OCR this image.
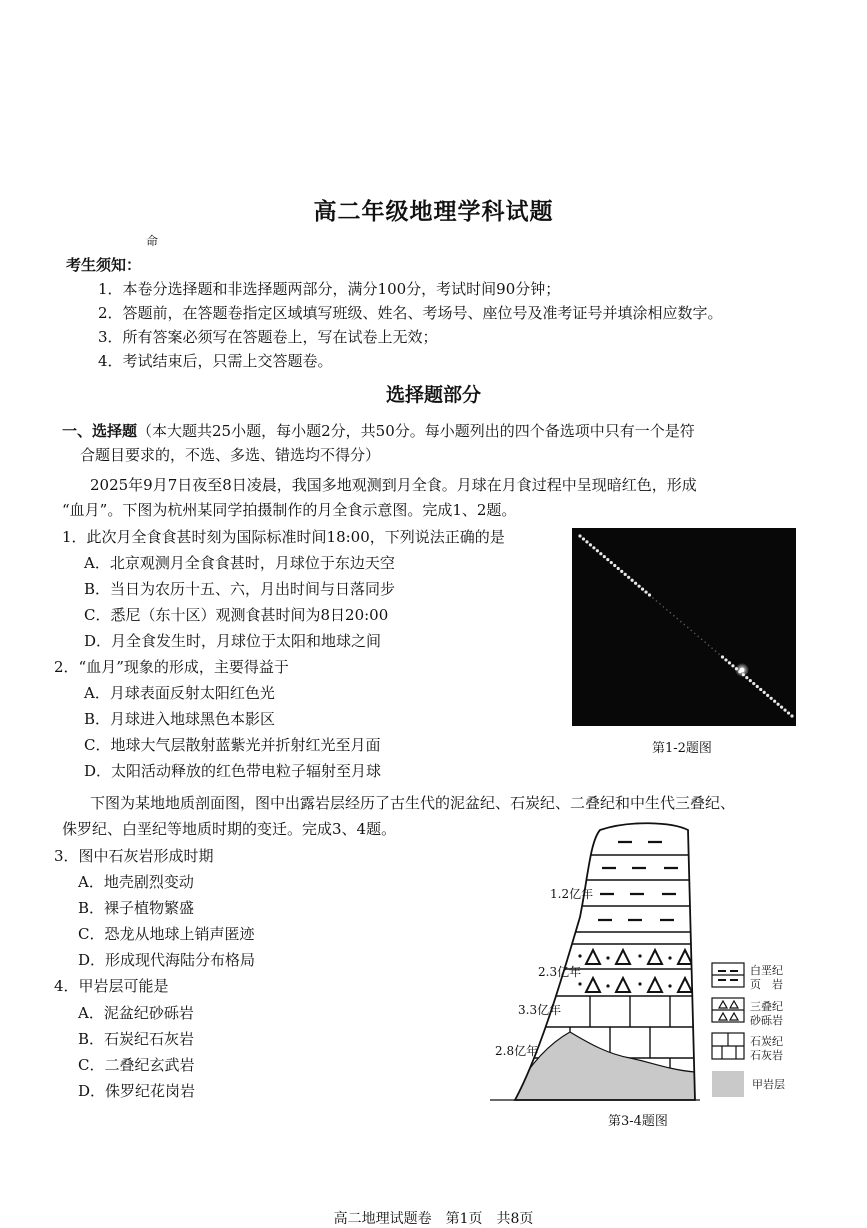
高二年级地理学科试题
命
考生须知：
1．本卷分选择题和非选择题两部分，满分100分，考试时间90分钟；
2．答题前，在答题卷指定区域填写班级、姓名、考场号、座位号及准考证号并填涂相应数字。
3．所有答案必须写在答题卷上，写在试卷上无效；
4．考试结束后，只需上交答题卷。
选择题部分
一、选择题（本大题共25小题，每小题2分，共50分。每小题列出的四个备选项中只有一个是符
合题目要求的，不选、多选、错选均不得分）
2025年9月7日夜至8日凌晨，我国多地观测到月全食。月球在月食过程中呈现暗红色，形成
“血月”。下图为杭州某同学拍摄制作的月全食示意图。完成1、2题。
1．此次月全食食甚时刻为国际标准时间18:00，下列说法正确的是
A．北京观测月全食食甚时，月球位于东边天空
B．当日为农历十五、六，月出时间与日落同步
C．悉尼（东十区）观测食甚时间为8日20:00
D．月全食发生时，月球位于太阳和地球之间
2．“血月”现象的形成，主要得益于
A．月球表面反射太阳红色光
B．月球进入地球黑色本影区
C．地球大气层散射蓝紫光并折射红光至月面
D．太阳活动释放的红色带电粒子辐射至月球
第1-2题图
下图为某地地质剖面图，图中出露岩层经历了古生代的泥盆纪、石炭纪、二叠纪和中生代三叠纪、
侏罗纪、白垩纪等地质时期的变迁。完成3、4题。
3．图中石灰岩形成时期
A．地壳剧烈变动
B．裸子植物繁盛
C．恐龙从地球上销声匿迹
D．形成现代海陆分布格局
4．甲岩层可能是
A．泥盆纪砂砾岩
B．石炭纪石灰岩
C．二叠纪玄武岩
D．侏罗纪花岗岩
1.2亿年
2.3亿年
3.3亿年
2.8亿年
白垩纪
页　岩
三叠纪
砂砾岩
石炭纪
石灰岩
甲岩层
第3-4题图
高二地理试题卷　第1页　共8页
